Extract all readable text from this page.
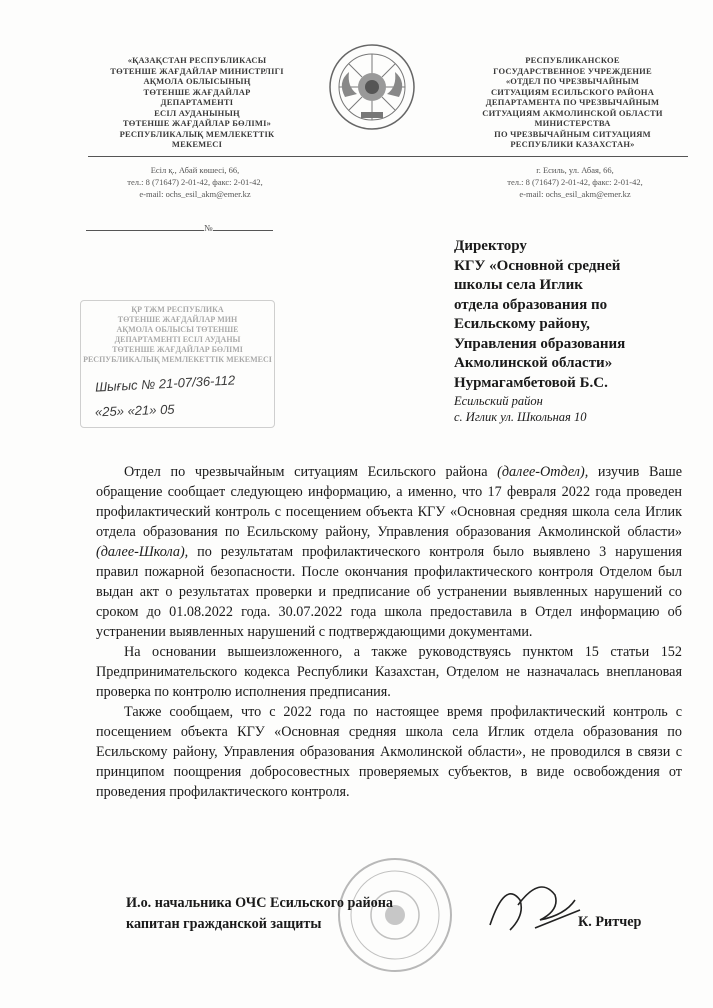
«ҚАЗАҚСТАН РЕСПУБЛИКАСЫ
ТӨТЕНШЕ ЖАҒДАЙЛАР МИНИСТРЛІГІ
АҚМОЛА ОБЛЫСЫНЫҢ
ТӨТЕНШЕ ЖАҒДАЙЛАР
ДЕПАРТАМЕНТІ
ЕСІЛ АУДАНЫНЫҢ
ТӨТЕНШЕ ЖАҒДАЙЛАР БӨЛІМІ»
РЕСПУБЛИКАЛЫҚ МЕМЛЕКЕТТІК
МЕКЕМЕСІ
РЕСПУБЛИКАНСКОЕ
ГОСУДАРСТВЕННОЕ УЧРЕЖДЕНИЕ
«ОТДЕЛ ПО ЧРЕЗВЫЧАЙНЫМ
СИТУАЦИЯМ ЕСИЛЬСКОГО РАЙОНА
ДЕПАРТАМЕНТА ПО ЧРЕЗВЫЧАЙНЫМ
СИТУАЦИЯМ АКМОЛИНСКОЙ ОБЛАСТИ
МИНИСТЕРСТВА
ПО ЧРЕЗВЫЧАЙНЫМ СИТУАЦИЯМ
РЕСПУБЛИКИ КАЗАХСТАН»
Есіл қ., Абай көшесі, 66,
тел.: 8 (71647) 2-01-42, факс: 2-01-42,
e-mail: ochs_esil_akm@emer.kz
г. Есиль, ул. Абая, 66,
тел.: 8 (71647) 2-01-42, факс: 2-01-42,
e-mail: ochs_esil_akm@emer.kz
№
Директору
КГУ «Основной средней
школы села Иглик
отдела образования по
Есильскому району,
Управления образования
Акмолинской области»
Нурмагамбетовой Б.С.
Есильский район
с. Иглик ул. Школьная 10
ҚР ТЖМ РЕСПУБЛИКА
ТӨТЕНШЕ ЖАҒДАЙЛАР МИН
АҚМОЛА ОБЛЫСЫ ТӨТЕНШЕ
ДЕПАРТАМЕНТІ ЕСІЛ АУДАНЫ
ТӨТЕНШЕ ЖАҒДАЙЛАР БӨЛІМІ
РЕСПУБЛИКАЛЫҚ МЕМЛЕКЕТТІК МЕКЕМЕСІ
Шығыс № 21-07/36-112
«25» «21» 05

Отдел по чрезвычайным ситуациям Есильского района (далее-Отдел), изучив Ваше обращение сообщает следующею информацию, а именно, что 17 февраля 2022 года проведен профилактический контроль с посещением объекта КГУ «Основная средняя школа села Иглик отдела образования по Есильскому району, Управления образования Акмолинской области» (далее-Школа), по результатам профилактического контроля было выявлено 3 нарушения правил пожарной безопасности. После окончания профилактического контроля Отделом был выдан акт о результатах проверки и предписание об устранении выявленных нарушений со сроком до 01.08.2022 года. 30.07.2022 года школа предоставила в Отдел информацию об устранении выявленных нарушений с подтверждающими документами.

На основании вышеизложенного, а также руководствуясь пунктом 15 статьи 152 Предпринимательского кодекса Республики Казахстан, Отделом не назначалась внеплановая проверка по контролю исполнения предписания.

Также сообщаем, что с 2022 года по настоящее время профилактический контроль с посещением объекта КГУ «Основная средняя школа села Иглик отдела образования по Есильскому району, Управления образования Акмолинской области», не проводился в связи с принципом поощрения добросовестных проверяемых субъектов, в виде освобождения от проведения профилактического контроля.

И.о. начальника ОЧС Есильского района
капитан гражданской защиты	К. Ритчер
